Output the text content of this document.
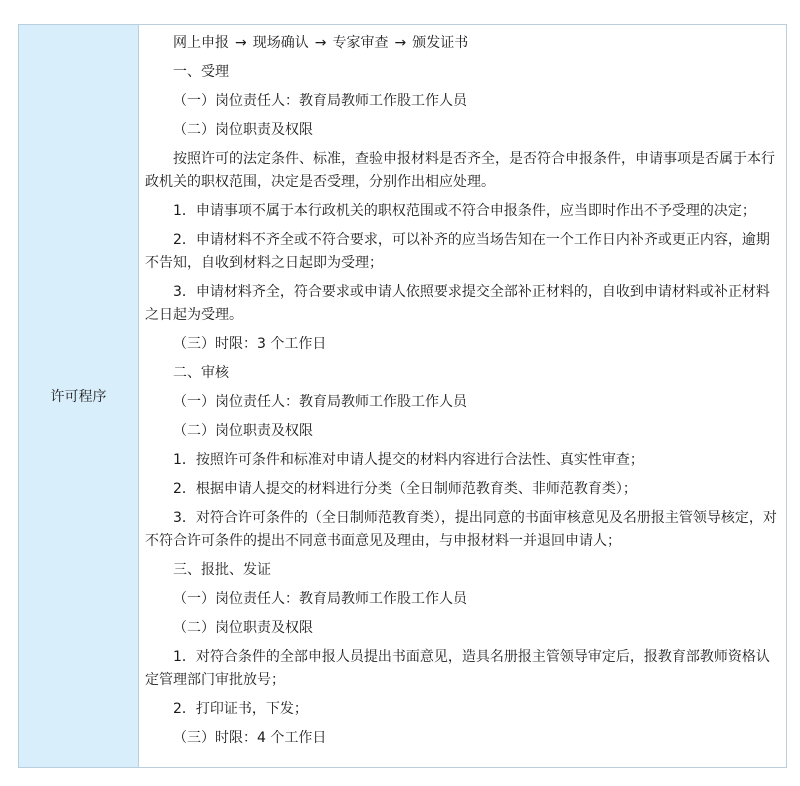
许可程序
网上申报 → 现场确认 → 专家审查 → 颁发证书

一、受理

（一）岗位责任人：教育局教师工作股工作人员

（二）岗位职责及权限

按照许可的法定条件、标准，查验申报材料是否齐全，是否符合申报条件，申请事项是否属于本行政机关的职权范围，决定是否受理，分别作出相应处理。

1．申请事项不属于本行政机关的职权范围或不符合申报条件，应当即时作出不予受理的决定；

2．申请材料不齐全或不符合要求，可以补齐的应当场告知在一个工作日内补齐或更正内容，逾期不告知，自收到材料之日起即为受理；

3．申请材料齐全，符合要求或申请人依照要求提交全部补正材料的，自收到申请材料或补正材料之日起为受理。

（三）时限：3 个工作日

二、审核

（一）岗位责任人：教育局教师工作股工作人员

（二）岗位职责及权限

1．按照许可条件和标准对申请人提交的材料内容进行合法性、真实性审查；

2．根据申请人提交的材料进行分类（全日制师范教育类、非师范教育类）；

3．对符合许可条件的（全日制师范教育类），提出同意的书面审核意见及名册报主管领导核定，对不符合许可条件的提出不同意书面意见及理由，与申报材料一并退回申请人；

三、报批、发证

（一）岗位责任人：教育局教师工作股工作人员

（二）岗位职责及权限

1．对符合条件的全部申报人员提出书面意见，造具名册报主管领导审定后，报教育部教师资格认定管理部门审批放号；

2．打印证书，下发；

（三）时限：4 个工作日
